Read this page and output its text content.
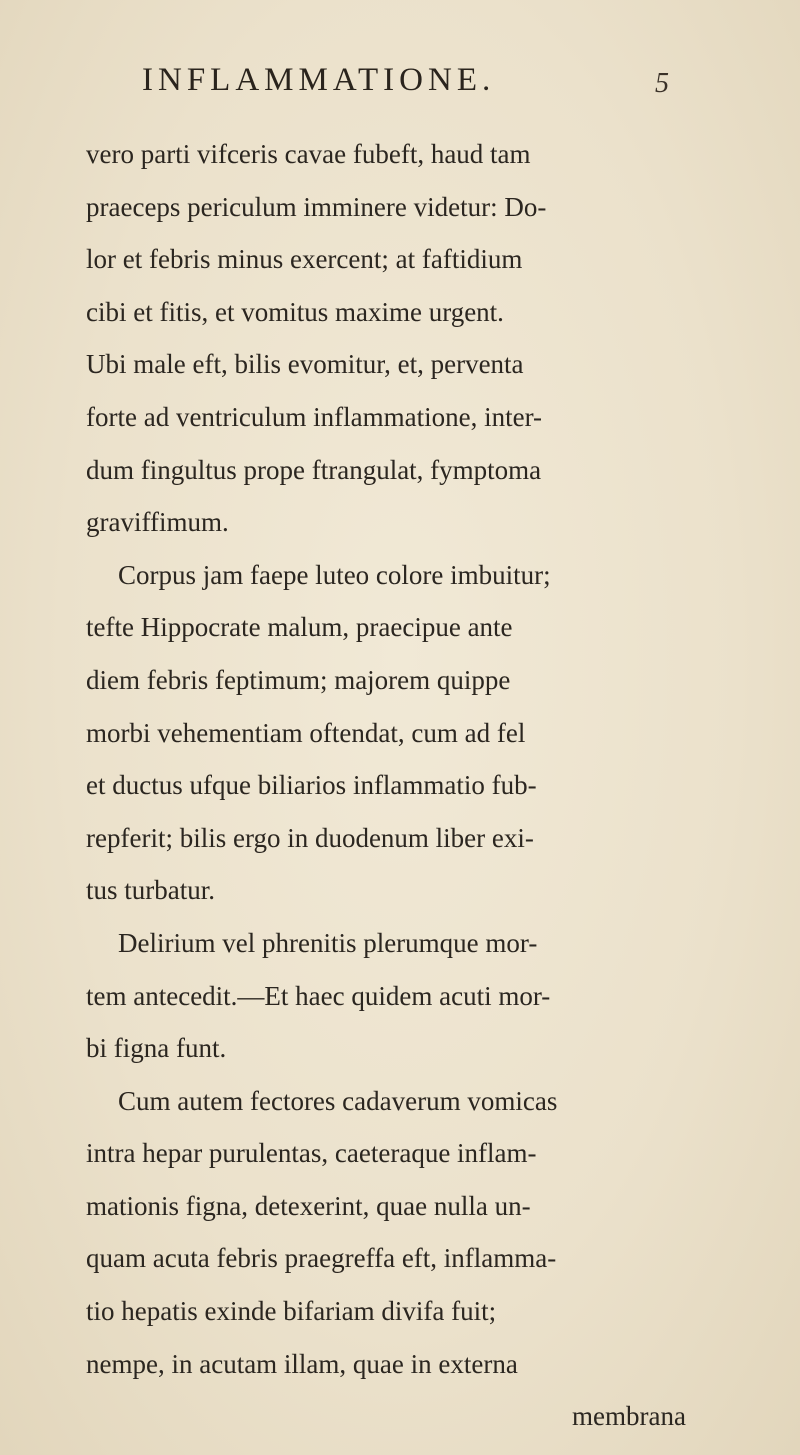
INFLAMMATIONE.	5
vero parti vifceris cavae fubeft, haud tam
praeceps periculum imminere videtur: Do-
lor et febris minus exercent; at faftidium
cibi et fitis, et vomitus maxime urgent.
Ubi male eft, bilis evomitur, et, perventa
forte ad ventriculum inflammatione, inter-
dum fingultus prope ftrangulat, fymptoma
graviffimum.
Corpus jam faepe luteo colore imbuitur;
tefte Hippocrate malum, praecipue ante
diem febris feptimum; majorem quippe
morbi vehementiam oftendat, cum ad fel
et ductus ufque biliarios inflammatio fub-
repferit; bilis ergo in duodenum liber exi-
tus turbatur.
Delirium vel phrenitis plerumque mor-
tem antecedit.—Et haec quidem acuti mor-
bi figna funt.
Cum autem fectores cadaverum vomicas
intra hepar purulentas, caeteraque inflam-
mationis figna, detexerint, quae nulla un-
quam acuta febris praegreffa eft, inflamma-
tio hepatis exinde bifariam divifa fuit;
nempe, in acutam illam, quae in externa
membrana
